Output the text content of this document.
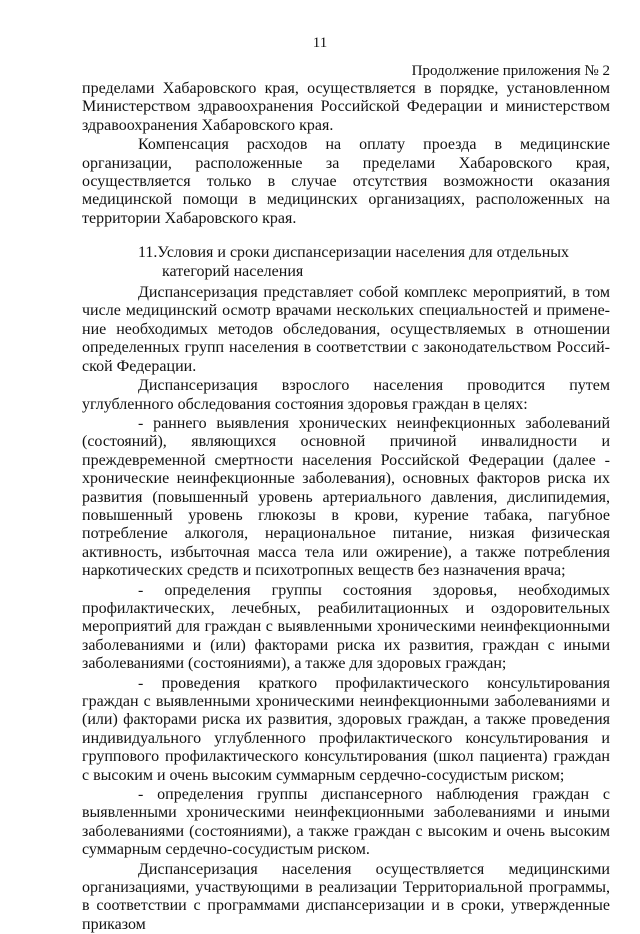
11
Продолжение приложения № 2

пределами Хабаровского края, осуществляется в порядке, установленном Министерством здравоохранения Российской Федерации и министерством здравоохранения Хабаровского края.

Компенсация расходов на оплату проезда в медицинские организации, расположенные за пределами Хабаровского края, осуществляется только в случае отсутствия возможности оказания медицинской помощи в медицинских организациях, расположенных на территории Хабаровского края.

11.Условия и сроки диспансеризации населения для отдельных категорий населения

Диспансеризация представляет собой комплекс мероприятий, в том числе медицинский осмотр врачами нескольких специальностей и применение необходимых методов обследования, осуществляемых в отношении определенных групп населения в соответствии с законодательством Российской Федерации.

Диспансеризация взрослого населения проводится путем углубленного обследования состояния здоровья граждан в целях:

- раннего выявления хронических неинфекционных заболеваний (состояний), являющихся основной причиной инвалидности и преждевременной смертности населения Российской Федерации (далее - хронические неинфекционные заболевания), основных факторов риска их развития (повышенный уровень артериального давления, дислипидемия, повышенный уровень глюкозы в крови, курение табака, пагубное потребление алкоголя, нерациональное питание, низкая физическая активность, избыточная масса тела или ожирение), а также потребления наркотических средств и психотропных веществ без назначения врача;

- определения группы состояния здоровья, необходимых профилактических, лечебных, реабилитационных и оздоровительных мероприятий для граждан с выявленными хроническими неинфекционными заболеваниями и (или) факторами риска их развития, граждан с иными заболеваниями (состояниями), а также для здоровых граждан;

- проведения краткого профилактического консультирования граждан с выявленными хроническими неинфекционными заболеваниями и (или) факторами риска их развития, здоровых граждан, а также проведения индивидуального углубленного профилактического консультирования и группового профилактического консультирования (школ пациента) граждан с высоким и очень высоким суммарным сердечно-сосудистым риском;

- определения группы диспансерного наблюдения граждан с выявленными хроническими неинфекционными заболеваниями и иными заболеваниями (состояниями), а также граждан с высоким и очень высоким суммарным сердечно-сосудистым риском.

Диспансеризация населения осуществляется медицинскими организациями, участвующими в реализации Территориальной программы, в соответствии с программами диспансеризации и в сроки, утвержденные приказом
